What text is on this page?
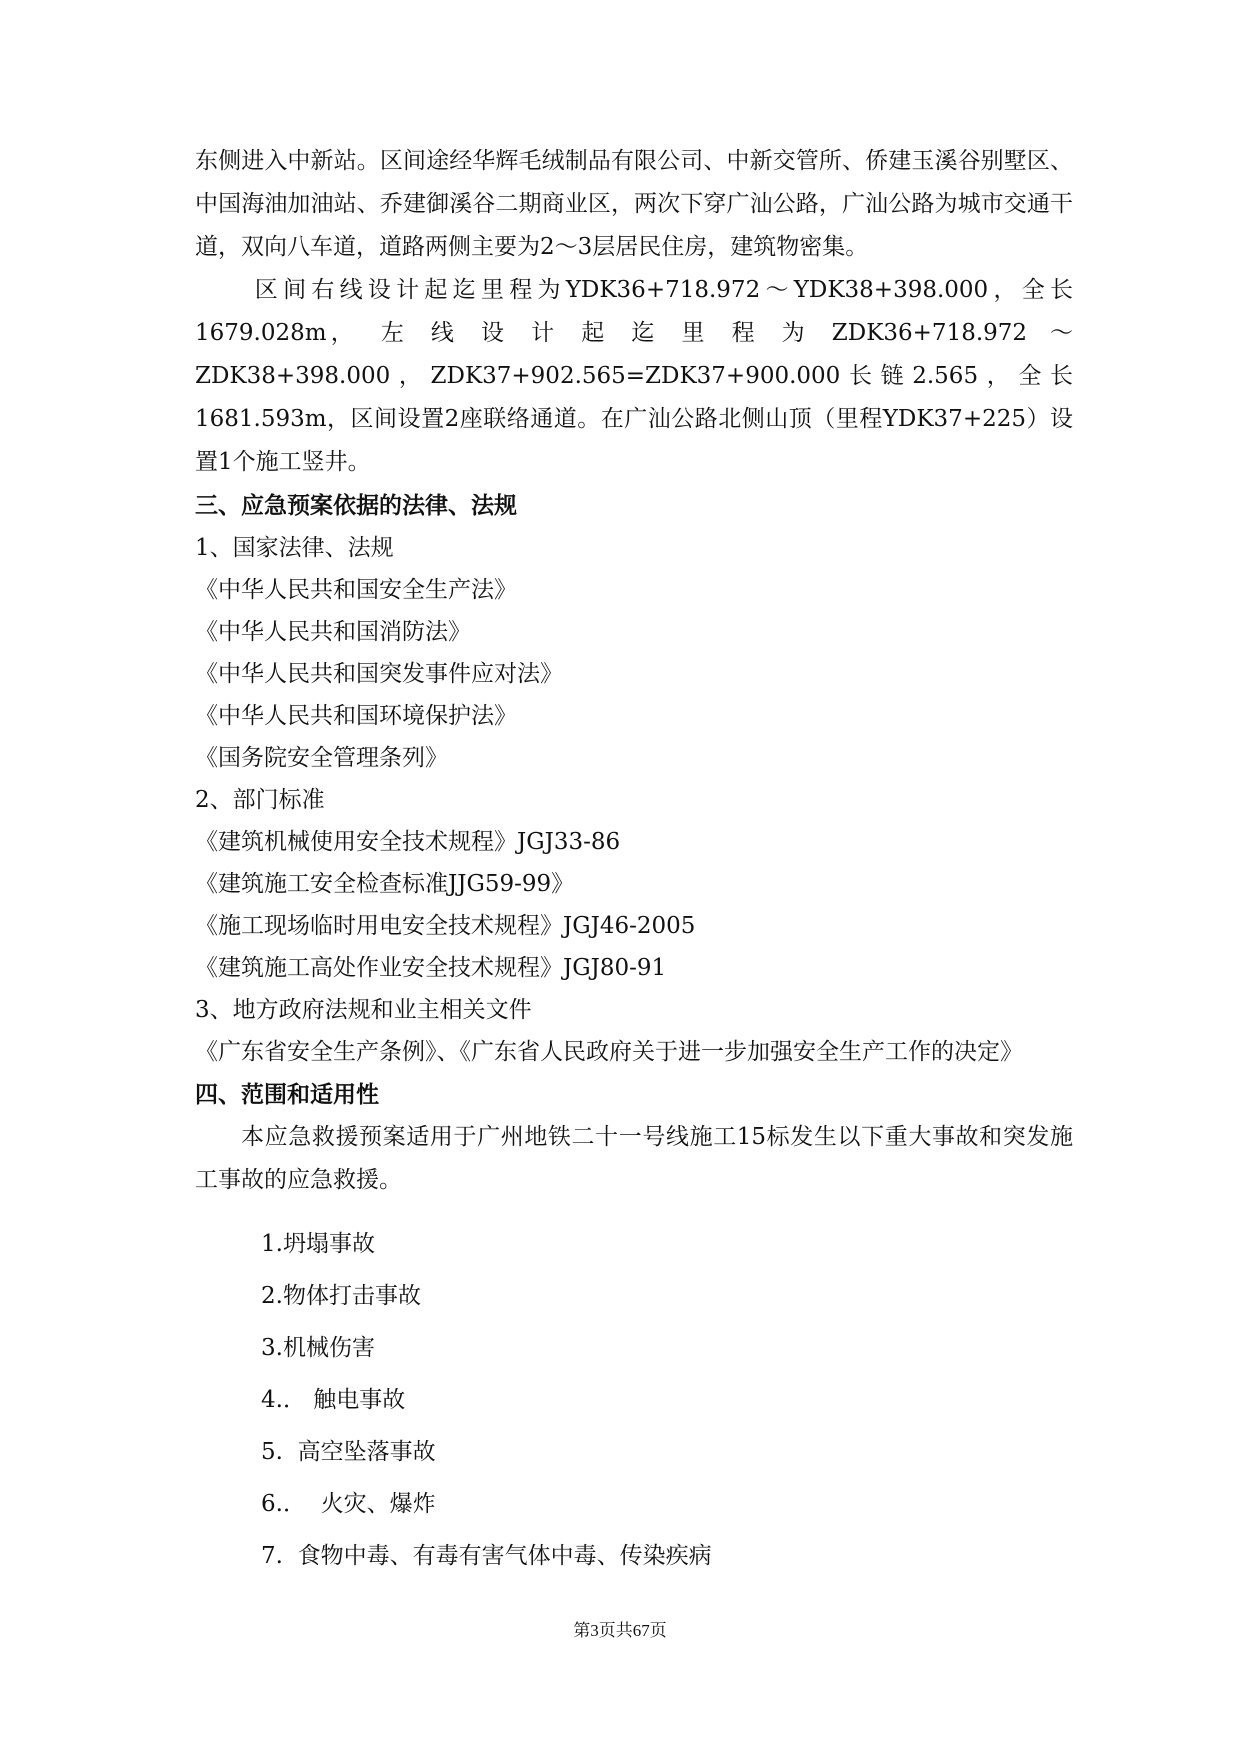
东侧进入中新站。区间途经华辉毛绒制品有限公司、中新交管所、侨建玉溪谷别墅区、中国海油加油站、乔建御溪谷二期商业区，两次下穿广汕公路，广汕公路为城市交通干道，双向八车道，道路两侧主要为2～3层居民住房，建筑物密集。

区间右线设计起迄里程为YDK36+718.972～YDK38+398.000，全长

1679.028m，  左  线  设  计  起  迄  里  程  为  ZDK36+718.972  ～

ZDK38+398.000，ZDK37+902.565=ZDK37+900.000长链2.565，全长1681.593m，区间设置2座联络通道。在广汕公路北侧山顶（里程YDK37+225）设置1个施工竖井。

三、应急预案依据的法律、法规

1、国家法律、法规

《中华人民共和国安全生产法》

《中华人民共和国消防法》

《中华人民共和国突发事件应对法》

《中华人民共和国环境保护法》

《国务院安全管理条列》

2、部门标准

《建筑机械使用安全技术规程》JGJ33-86

《建筑施工安全检查标准JJG59-99》

《施工现场临时用电安全技术规程》JGJ46-2005

《建筑施工高处作业安全技术规程》JGJ80-91

3、地方政府法规和业主相关文件

《广东省安全生产条例》、《广东省人民政府关于进一步加强安全生产工作的决定》

四、范围和适用性

本应急救援预案适用于广州地铁二十一号线施工15标发生以下重大事故和突发施工事故的应急救援。

1.坍塌事故

2.物体打击事故

3.机械伤害

4.． 触电事故

5.  高空坠落事故

6.．  火灾、爆炸

7.  食物中毒、有毒有害气体中毒、传染疾病

第3页共67页
